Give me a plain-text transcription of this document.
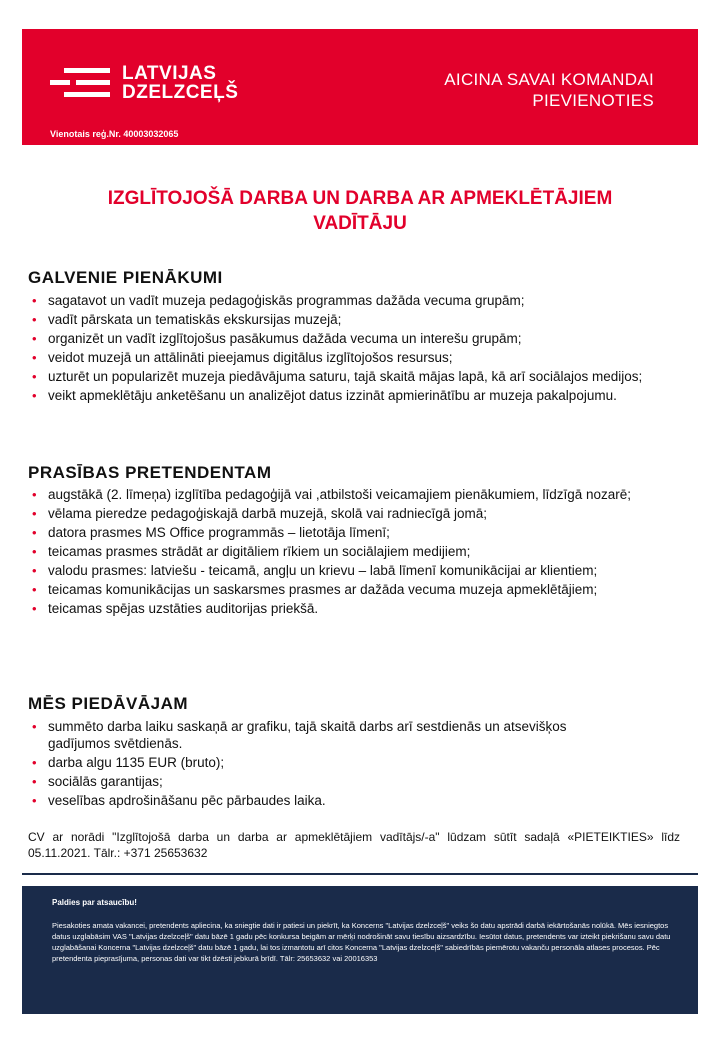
LATVIJAS
DZELZCEĻŠ
Vienotais reģ.Nr. 40003032065
AICINA SAVAI KOMANDAI
PIEVIENOTIES
IZGLĪTOJOŠĀ DARBA UN DARBA AR APMEKLĒTĀJIEM
VADĪTĀJU
GALVENIE PIENĀKUMI
• sagatavot un vadīt muzeja pedagoģiskās programmas dažāda vecuma grupām;
• vadīt pārskata un tematiskās ekskursijas muzejā;
• organizēt un vadīt izglītojošus pasākumus dažāda vecuma un interešu grupām;
• veidot muzejā un attālināti pieejamus digitālus izglītojošos resursus;
• uzturēt un popularizēt muzeja piedāvājuma saturu, tajā skaitā mājas lapā, kā arī sociālajos medijos;
• veikt apmeklētāju anketēšanu un analizējot datus izzināt apmierinātību ar muzeja pakalpojumu.
PRASĪBAS PRETENDENTAM
• augstākā (2. līmeņa) izglītība pedagoģijā vai ,atbilstoši veicamajiem pienākumiem, līdzīgā nozarē;
• vēlama pieredze pedagoģiskajā darbā muzejā, skolā vai radniecīgā jomā;
• datora prasmes MS Office programmās – lietotāja līmenī;
• teicamas prasmes strādāt ar digitāliem rīkiem un sociālajiem medijiem;
• valodu prasmes: latviešu - teicamā, angļu un krievu – labā līmenī komunikācijai ar klientiem;
• teicamas komunikācijas un saskarsmes prasmes ar dažāda vecuma muzeja apmeklētājiem;
• teicamas spējas uzstāties auditorijas priekšā.
MĒS PIEDĀVĀJAM
• summēto darba laiku saskaņā ar grafiku, tajā skaitā darbs arī sestdienās un atsevišķos gadījumos svētdienās.
• darba algu 1135 EUR (bruto);
• sociālās garantijas;
• veselības apdrošināšanu pēc pārbaudes laika.
CV ar norādi "Izglītojošā darba un darba ar apmeklētājiem vadītājs/-a" lūdzam sūtīt sadaļā «PIETEIKTIES» līdz 05.11.2021. Tālr.: +371 25653632
Paldies par atsaucību!
Piesakoties amata vakancei, pretendents apliecina, ka sniegtie dati ir patiesi un piekrīt, ka Koncerns "Latvijas dzelzceļš" veiks šo datu apstrādi darbā iekārtošanās nolūkā. Mēs iesniegtos datus uzglabāsim VAS "Latvijas dzelzceļš" datu bāzē 1 gadu pēc konkursa beigām ar mērķi nodrošināt savu tiesību aizsardzību. Iesūtot datus, pretendents var izteikt piekrišanu savu datu uzglabāšanai Koncerna "Latvijas dzelzceļš" datu bāzē 1 gadu, lai tos izmantotu arī citos Koncerna "Latvijas dzelzceļš" sabiedrībās piemērotu vakanču personāla atlases procesos. Pēc pretendenta pieprasījuma, personas dati var tikt dzēsti jebkurā brīdī. Tālr: 25653632 vai 20016353
